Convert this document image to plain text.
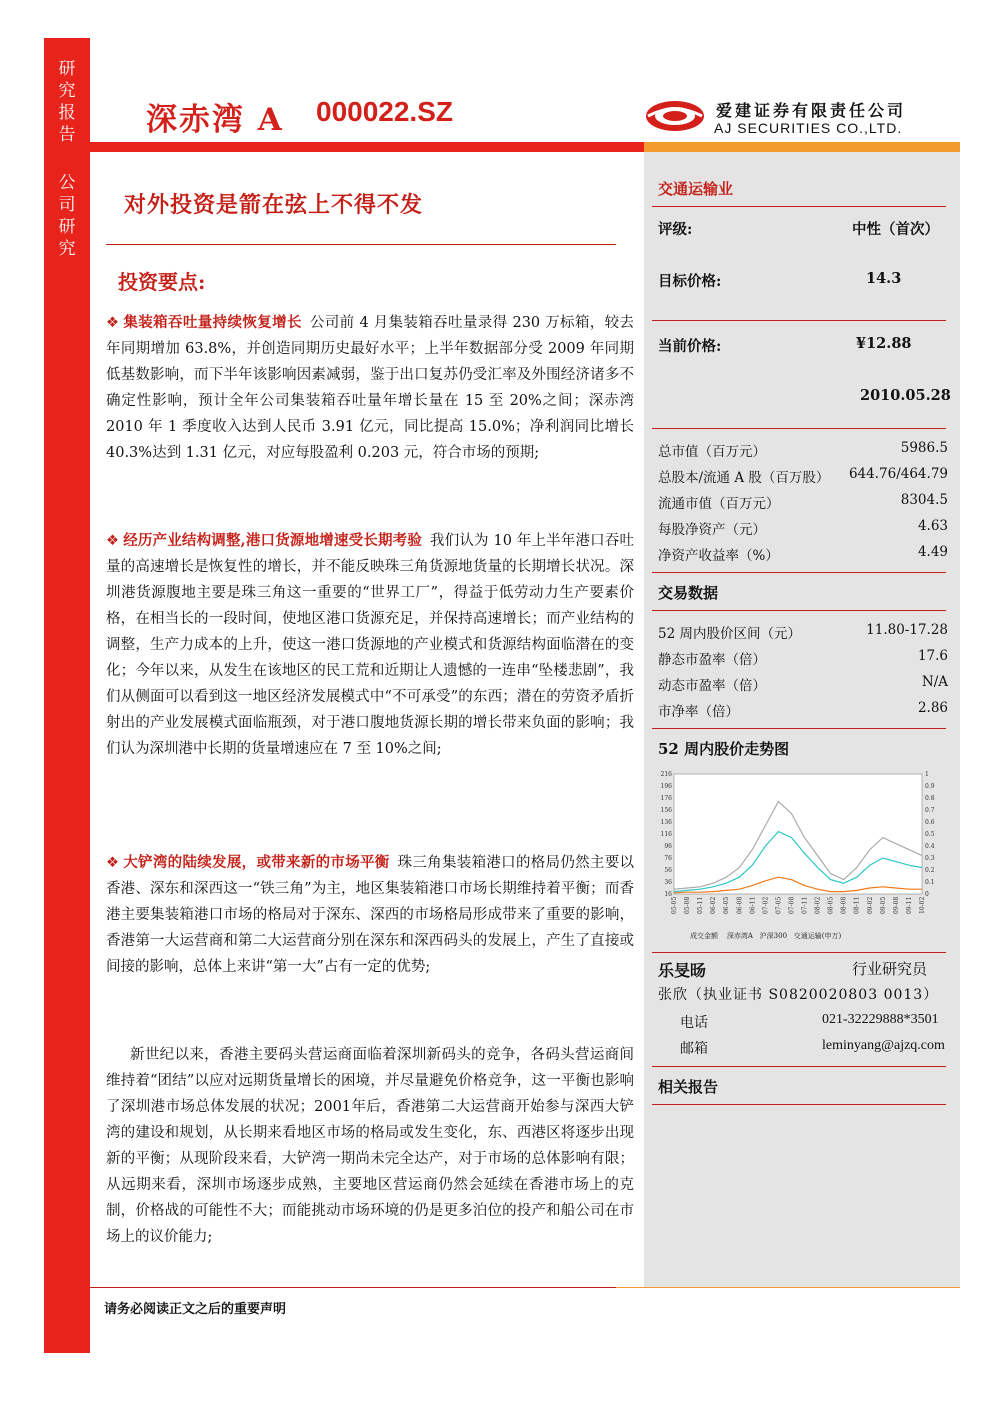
研
究
报
告
公
司
研
究
深赤湾 A 000022.SZ	爱建证券有限责任公司
AJ SECURITIES CO.,LTD.
对外投资是箭在弦上不得不发
投资要点:
❖ 集装箱吞吐量持续恢复增长 公司前 4 月集装箱吞吐量录得 230 万标箱，较去年同期增加 63.8%，并创造同期历史最好水平；上半年数据部分受 2009 年同期低基数影响，而下半年该影响因素减弱，鉴于出口复苏仍受汇率及外围经济诸多不确定性影响，预计全年公司集装箱吞吐量年增长量在 15 至 20%之间；深赤湾 2010 年 1 季度收入达到人民币 3.91 亿元，同比提高 15.0%；净利润同比增长 40.3%达到 1.31 亿元，对应每股盈利 0.203 元，符合市场的预期;
❖ 经历产业结构调整,港口货源地增速受长期考验 我们认为 10 年上半年港口吞吐量的高速增长是恢复性的增长，并不能反映珠三角货源地货量的长期增长状况。深圳港货源腹地主要是珠三角这一重要的“世界工厂”，得益于低劳动力生产要素价格，在相当长的一段时间，使地区港口货源充足，并保持高速增长；而产业结构的调整，生产力成本的上升，使这一港口货源地的产业模式和货源结构面临潜在的变化；今年以来，从发生在该地区的民工荒和近期让人遗憾的一连串“坠楼悲剧”，我们从侧面可以看到这一地区经济发展模式中“不可承受”的东西；潜在的劳资矛盾折射出的产业发展模式面临瓶颈，对于港口腹地货源长期的增长带来负面的影响；我们认为深圳港中长期的货量增速应在 7 至 10%之间;
❖ 大铲湾的陆续发展，或带来新的市场平衡 珠三角集装箱港口的格局仍然主要以香港、深东和深西这一“铁三角”为主，地区集装箱港口市场长期维持着平衡；而香港主要集装箱港口市场的格局对于深东、深西的市场格局形成带来了重要的影响，香港第一大运营商和第二大运营商分别在深东和深西码头的发展上，产生了直接或间接的影响，总体上来讲“第一大”占有一定的优势;
新世纪以来，香港主要码头营运商面临着深圳新码头的竞争，各码头营运商间维持着“团结”以应对远期货量增长的困境，并尽量避免价格竞争，这一平衡也影响了深圳港市场总体发展的状况；2001年后，香港第二大运营商开始参与深西大铲湾的建设和规划，从长期来看地区市场的格局或发生变化，东、西港区将逐步出现新的平衡；从现阶段来看，大铲湾一期尚未完全达产，对于市场的总体影响有限；从远期来看，深圳市场逐步成熟，主要地区营运商仍然会延续在香港市场上的克制，价格战的可能性不大；而能挑动市场环境的仍是更多泊位的投产和船公司在市场上的议价能力;
请务必阅读正文之后的重要声明
交通运输业
评级:	中性（首次）
目标价格:	14.3
当前价格:	¥12.88
2010.05.28
总市值（百万元）	5986.5
总股本/流通 A 股（百万股） 644.76/464.79
流通市值（百万元）	8304.5
每股净资产（元）	4.63
净资产收益率（%）	4.49
交易数据
52 周内股价区间（元）	11.80-17.28
静态市盈率（倍）	17.6
动态市盈率（倍）	N/A
市净率（倍）	2.86
52 周内股价走势图
216
196
176
156
136
116
96
76
56
36
16
1
0.9
0.8
0.7
0.6
0.5
0.4
0.3
0.2
0.1
0
05-05 05-08 05-11 06-02 06-05 06-08 06-11 07-02 07-05 07-08 07-11 08-02 08-05 08-08 08-11 09-02 09-05 09-08 09-11 10-02
成交金额 深赤湾A 沪深300 交通运输(申万)
乐旻旸	行业研究员
张欣（执业证书 S0820020803 0013）
电话	021-32229888*3501
邮箱	leminyang@ajzq.com
相关报告
